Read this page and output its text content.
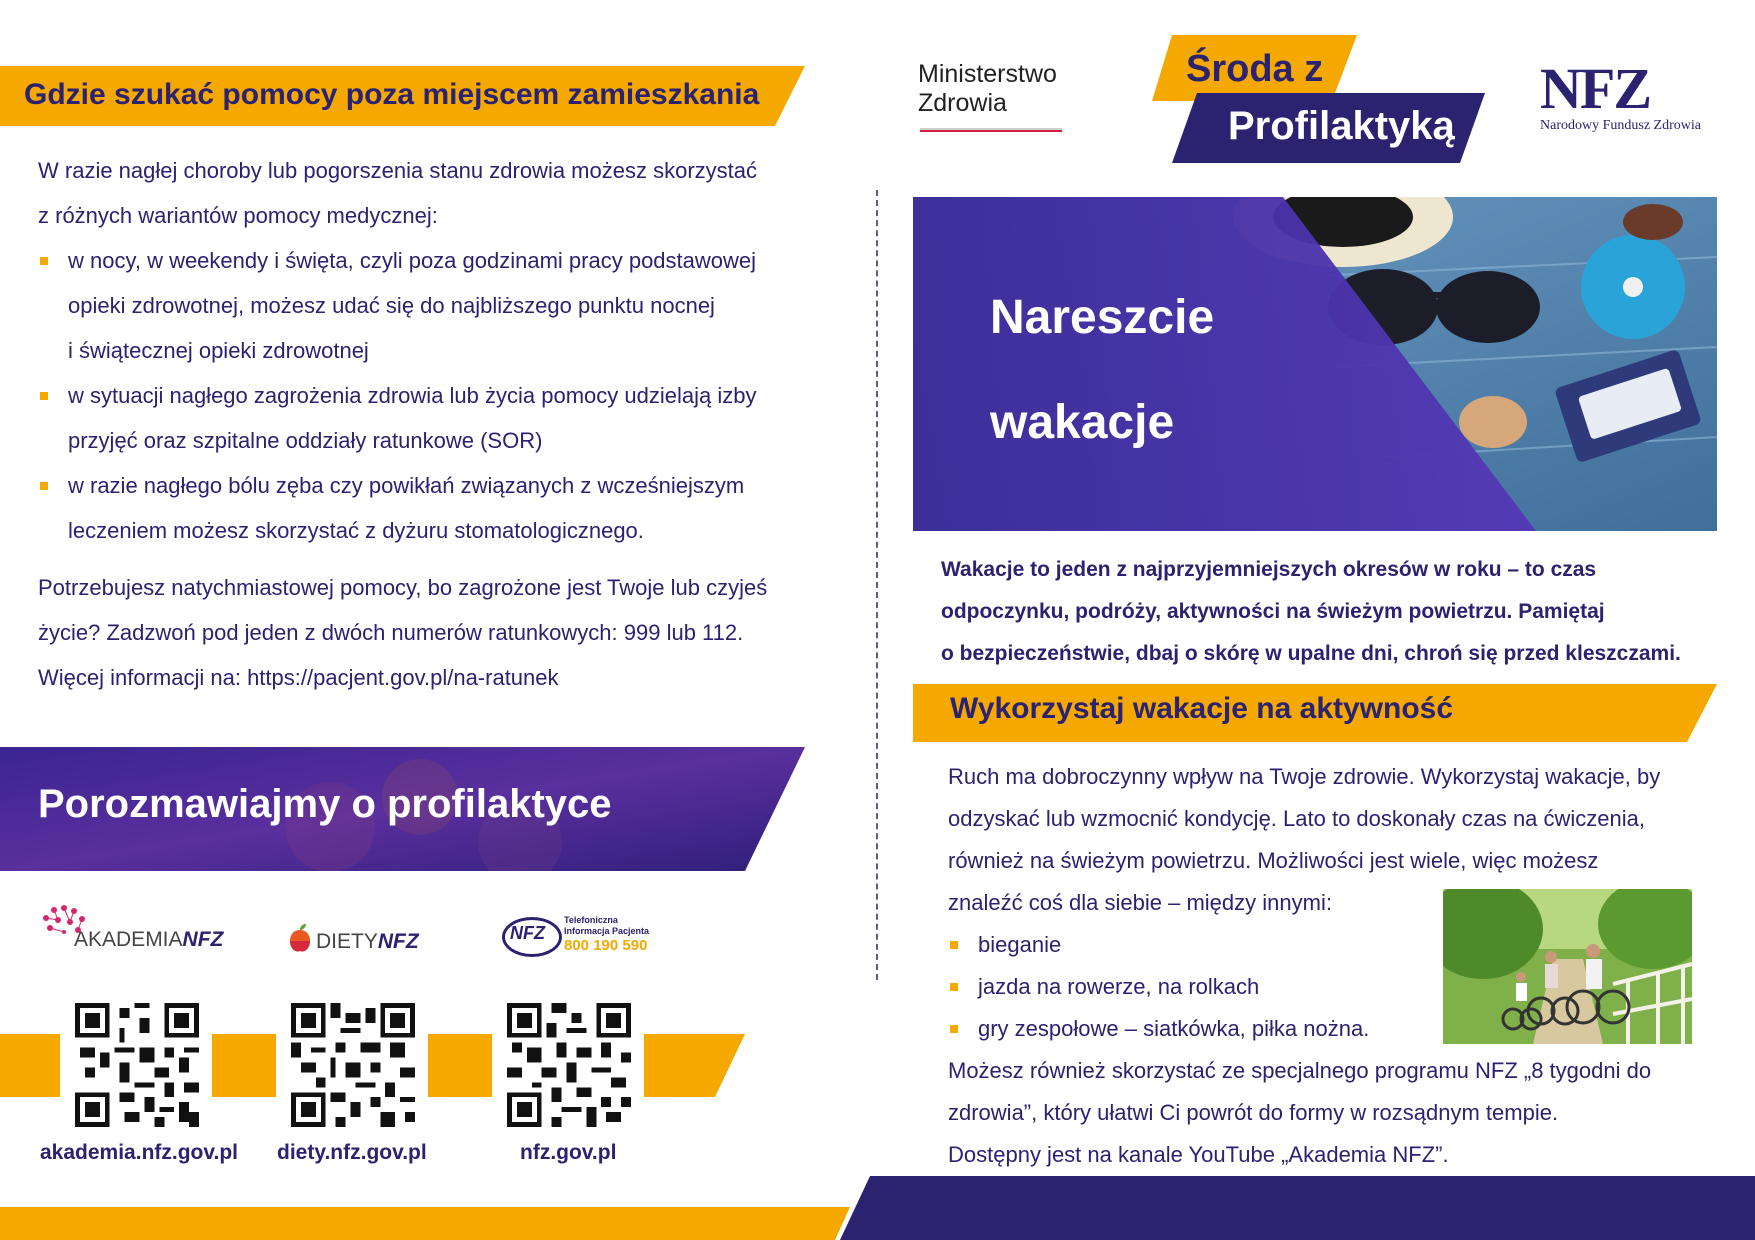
Gdzie szukać pomocy poza miejscem zamieszkania

W razie nagłej choroby lub pogorszenia stanu zdrowia możesz skorzystać

z różnych wariantów pomocy medycznej:

w nocy, w weekendy i święta, czyli poza godzinami pracy podstawowej
opieki zdrowotnej, możesz udać się do najbliższego punktu nocnej
i świątecznej opieki zdrowotnej
w sytuacji nagłego zagrożenia zdrowia lub życia pomocy udzielają izby
przyjęć oraz szpitalne oddziały ratunkowe (SOR)
w razie nagłego bólu zęba czy powikłań związanych z wcześniejszym
leczeniem możesz skorzystać z dyżuru stomatologicznego.

Potrzebujesz natychmiastowej pomocy, bo zagrożone jest Twoje lub czyjeś

życie? Zadzwoń pod jeden z dwóch numerów ratunkowych: 999 lub 112.

Więcej informacji na: https://pacjent.gov.pl/na-ratunek

Porozmawiajmy o profilaktyce
AKADEMIANFZ	DIETYNFZ	NFZ
Telefoniczna
Informacja Pacjenta
800 190 590
akademia.nfz.gov.pl diety.nfz.gov.pl	nfz.gov.pl
Ministerstwo
Zdrowia
Środa z
Profilaktyką
NFZ
Narodowy Fundusz Zdrowia
Nareszcie
wakacje

Wakacje to jeden z najprzyjemniejszych okresów w roku – to czas

odpoczynku, podróży, aktywności na świeżym powietrzu. Pamiętaj

o bezpieczeństwie, dbaj o skórę w upalne dni, chroń się przed kleszczami.

Wykorzystaj wakacje na aktywność

Ruch ma dobroczynny wpływ na Twoje zdrowie. Wykorzystaj wakacje, by

odzyskać lub wzmocnić kondycję. Lato to doskonały czas na ćwiczenia,

również na świeżym powietrzu. Możliwości jest wiele, więc możesz

znaleźć coś dla siebie – między innymi:

bieganie
jazda na rowerze, na rolkach
gry zespołowe – siatkówka, piłka nożna.

Możesz również skorzystać ze specjalnego programu NFZ „8 tygodni do

zdrowia”, który ułatwi Ci powrót do formy w rozsądnym tempie.

Dostępny jest na kanale YouTube „Akademia NFZ”.
